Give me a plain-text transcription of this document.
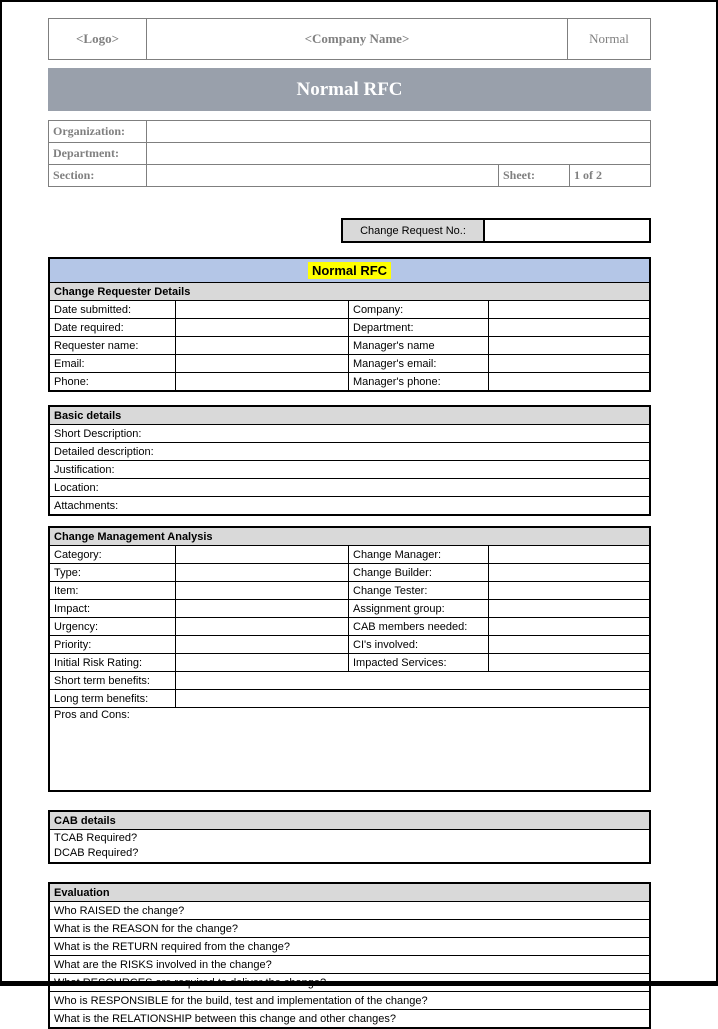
<Logo>	<Company Name>	Normal
Normal RFC
Organization:
Department:
Section:	Sheet:	1 of 2
Change Request No.:
Normal RFC
Change Requester Details
Date submitted:	Company:
Date required:	Department:
Requester name:	Manager's name
Email:	Manager's email:
Phone:	Manager's phone:
Basic details
Short Description:
Detailed description:
Justification:
Location:
Attachments:
Change Management Analysis
Category:	Change Manager:
Type:	Change Builder:
Item:	Change Tester:
Impact:	Assignment group:
Urgency:	CAB members needed:
Priority:	CI's involved:
Initial Risk Rating:	Impacted Services:
Short term benefits:
Long term benefits:
Pros and Cons:
CAB details
TCAB Required?
DCAB Required?
Evaluation
Who RAISED the change?
What is the REASON for the change?
What is the RETURN required from the change?
What are the RISKS involved in the change?
What RESOURCES are required to deliver the change?
Who is RESPONSIBLE for the build, test and implementation of the change?
What is the RELATIONSHIP between this change and other changes?
